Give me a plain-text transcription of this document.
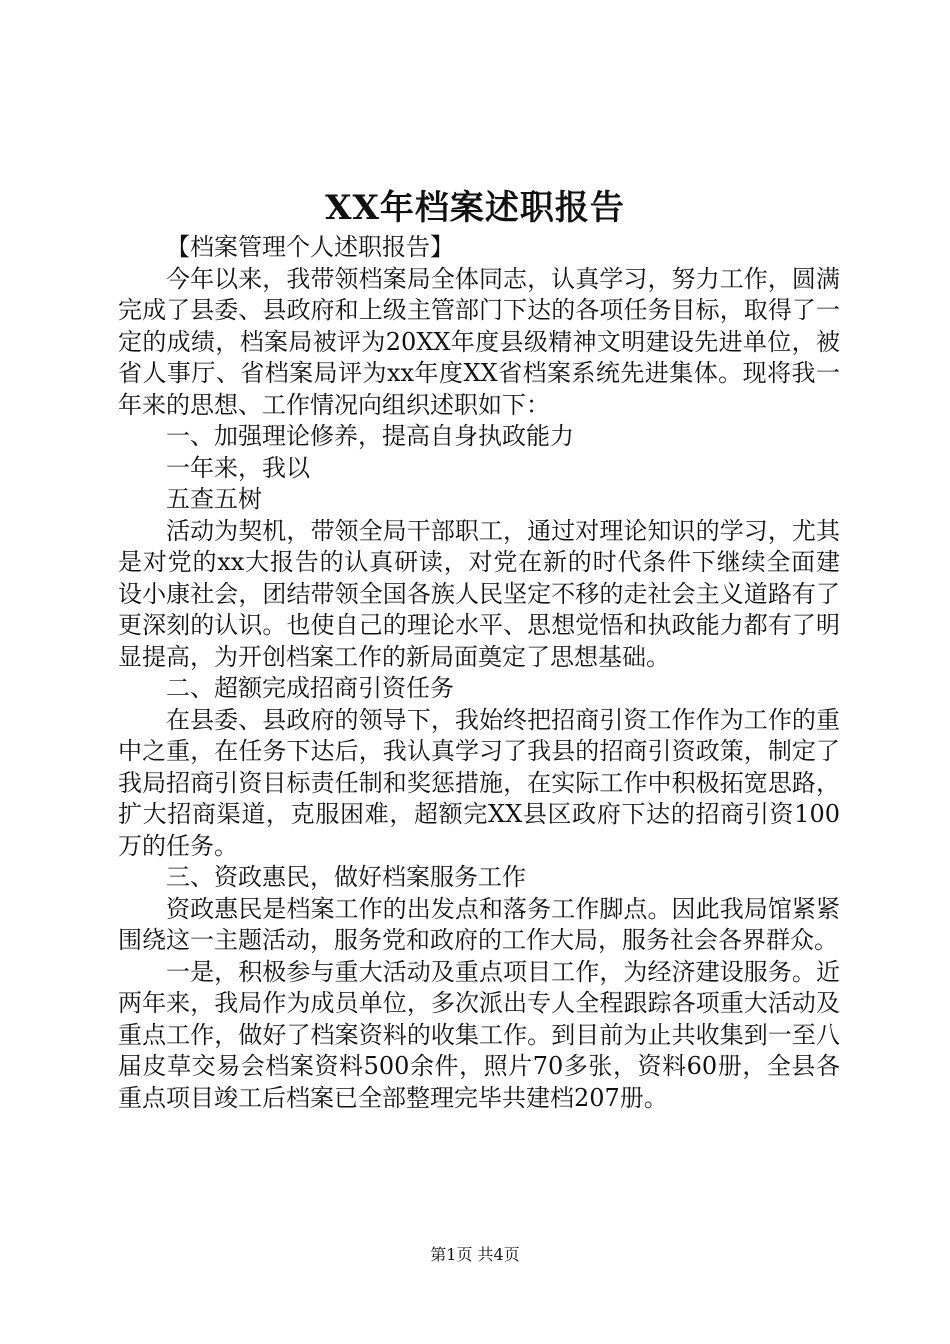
XX年档案述职报告

【档案管理个人述职报告】

今年以来，我带领档案局全体同志，认真学习，努力工作，圆满完成了县委、县政府和上级主管部门下达的各项任务目标，取得了一定的成绩，档案局被评为20XX年度县级精神文明建设先进单位，被省人事厅、省档案局评为xx年度XX省档案系统先进集体。现将我一年来的思想、工作情况向组织述职如下：

一、加强理论修养，提高自身执政能力

一年来，我以

五查五树

活动为契机，带领全局干部职工，通过对理论知识的学习，尤其是对党的xx大报告的认真研读，对党在新的时代条件下继续全面建设小康社会，团结带领全国各族人民坚定不移的走社会主义道路有了更深刻的认识。也使自己的理论水平、思想觉悟和执政能力都有了明显提高，为开创档案工作的新局面奠定了思想基础。

二、超额完成招商引资任务

在县委、县政府的领导下，我始终把招商引资工作作为工作的重中之重，在任务下达后，我认真学习了我县的招商引资政策，制定了我局招商引资目标责任制和奖惩措施，在实际工作中积极拓宽思路，扩大招商渠道，克服困难，超额完XX县区政府下达的招商引资100万的任务。

三、资政惠民，做好档案服务工作

资政惠民是档案工作的出发点和落务工作脚点。因此我局馆紧紧围绕这一主题活动，服务党和政府的工作大局，服务社会各界群众。

一是，积极参与重大活动及重点项目工作，为经济建设服务。近两年来，我局作为成员单位，多次派出专人全程跟踪各项重大活动及重点工作，做好了档案资料的收集工作。到目前为止共收集到一至八届皮草交易会档案资料500余件，照片70多张，资料60册，全县各重点项目竣工后档案已全部整理完毕共建档207册。

第1页 共4页
